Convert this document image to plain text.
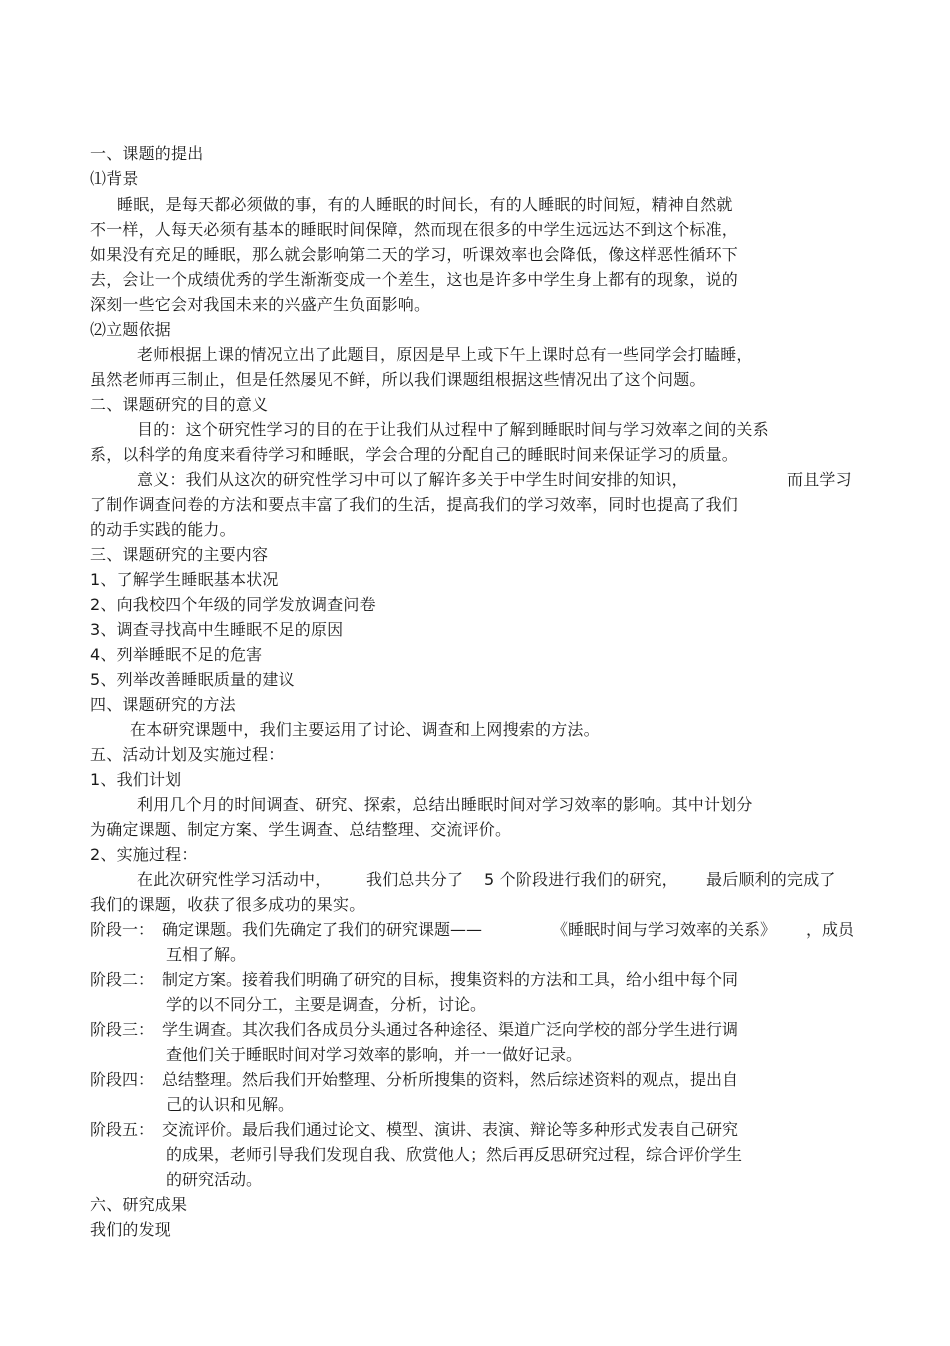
一、课题的提出
⑴背景
睡眠，是每天都必须做的事，有的人睡眠的时间长，有的人睡眠的时间短，精神自然就
不一样，人每天必须有基本的睡眠时间保障，然而现在很多的中学生远远达不到这个标准，
如果没有充足的睡眠，那么就会影响第二天的学习，听课效率也会降低，像这样恶性循环下
去，会让一个成绩优秀的学生渐渐变成一个差生，这也是许多中学生身上都有的现象，说的
深刻一些它会对我国未来的兴盛产生负面影响。
⑵立题依据
老师根据上课的情况立出了此题目，原因是早上或下午上课时总有一些同学会打瞌睡，
虽然老师再三制止，但是任然屡见不鲜，所以我们课题组根据这些情况出了这个问题。
二、课题研究的目的意义
目的：这个研究性学习的目的在于让我们从过程中了解到睡眠时间与学习效率之间的关系
系，以科学的角度来看待学习和睡眠，学会合理的分配自己的睡眠时间来保证学习的质量。
意义：我们从这次的研究性学习中可以了解许多关于中学生时间安排的知识，	而且学习
了制作调查问卷的方法和要点丰富了我们的生活，提高我们的学习效率，同时也提高了我们
的动手实践的能力。
三、课题研究的主要内容
1、了解学生睡眠基本状况
2、向我校四个年级的同学发放调查问卷
3、调查寻找高中生睡眠不足的原因
4、列举睡眠不足的危害
5、列举改善睡眠质量的建议
四、课题研究的方法
在本研究课题中，我们主要运用了讨论、调查和上网搜索的方法。
五、活动计划及实施过程：
1、我们计划
利用几个月的时间调查、研究、探索，总结出睡眠时间对学习效率的影响。其中计划分
为确定课题、制定方案、学生调查、总结整理、交流评价。
2、实施过程：
在此次研究性学习活动中， 我们总共分了 5 个阶段进行我们的研究， 最后顺利的完成了
我们的课题，收获了很多成功的果实。
阶段一： 确定课题。我们先确定了我们的研究课题——	《睡眠时间与学习效率的关系》 ，成员
互相了解。
阶段二： 制定方案。接着我们明确了研究的目标，搜集资料的方法和工具，给小组中每个同
学的以不同分工，主要是调查，分析，讨论。
阶段三： 学生调查。其次我们各成员分头通过各种途径、渠道广泛向学校的部分学生进行调
查他们关于睡眠时间对学习效率的影响，并一一做好记录。
阶段四： 总结整理。然后我们开始整理、分析所搜集的资料，然后综述资料的观点，提出自
己的认识和见解。
阶段五： 交流评价。最后我们通过论文、模型、演讲、表演、辩论等多种形式发表自己研究
的成果，老师引导我们发现自我、欣赏他人；然后再反思研究过程，综合评价学生
的研究活动。
六、研究成果
我们的发现
